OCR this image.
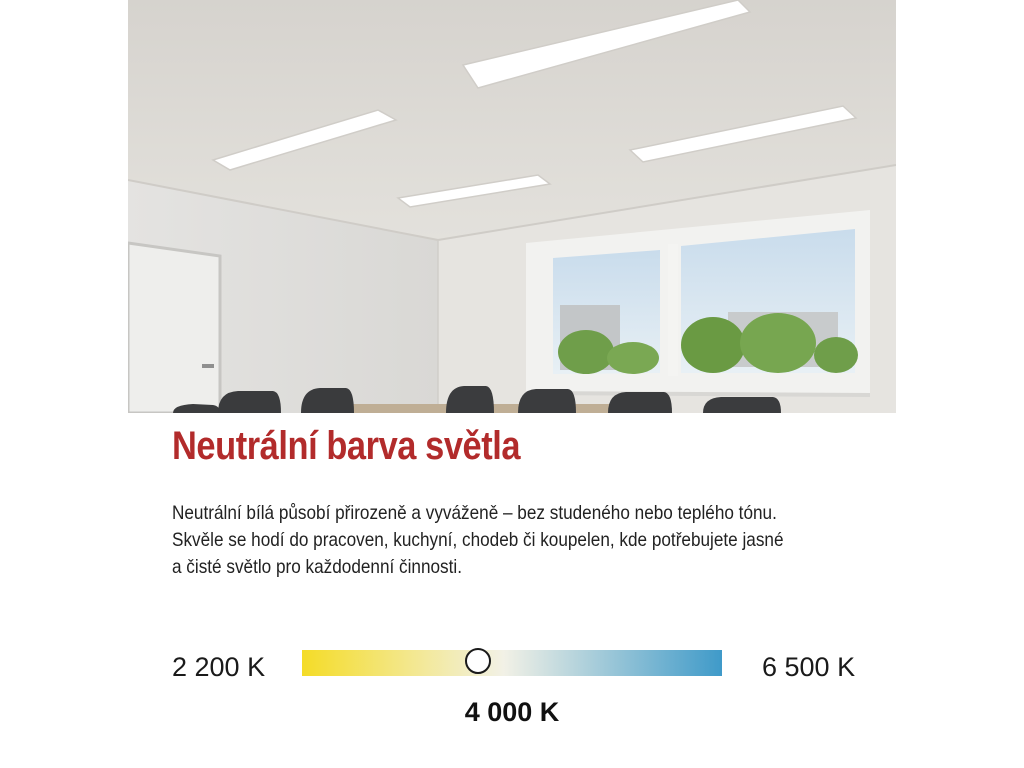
Neutrální barva světla

Neutrální bílá působí přirozeně a vyváženě – bez studeného nebo teplého tónu.
Skvěle se hodí do pracoven, kuchyní, chodeb či koupelen, kde potřebujete jasné
a čisté světlo pro každodenní činnosti.

2 200 K	6 500 K
4 000 K
